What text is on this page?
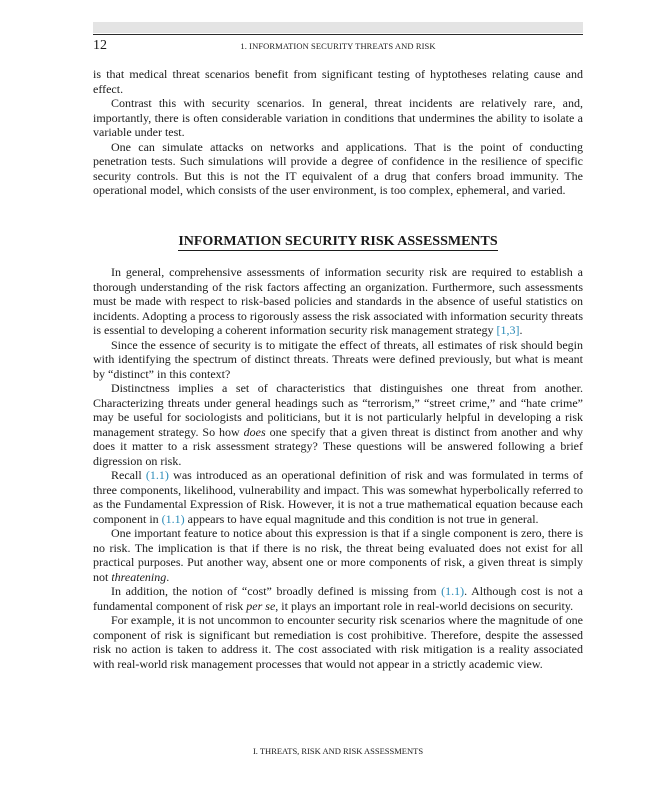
12	1. INFORMATION SECURITY THREATS AND RISK

is that medical threat scenarios benefit from significant testing of hyptotheses relating cause and effect.

Contrast this with security scenarios. In general, threat incidents are relatively rare, and, importantly, there is often considerable variation in conditions that undermines the ability to isolate a variable under test.

One can simulate attacks on networks and applications. That is the point of conducting penetration tests. Such simulations will provide a degree of confidence in the resilience of specific security controls. But this is not the IT equivalent of a drug that confers broad immunity. The operational model, which consists of the user environment, is too complex, ephemeral, and varied.

INFORMATION SECURITY RISK ASSESSMENTS

In general, comprehensive assessments of information security risk are required to establish a thorough understanding of the risk factors affecting an organization. Furthermore, such assessments must be made with respect to risk-based policies and standards in the absence of useful statistics on incidents. Adopting a process to rigorously assess the risk associated with information security threats is essential to developing a coherent information security risk management strategy [1,3].

Since the essence of security is to mitigate the effect of threats, all estimates of risk should begin with identifying the spectrum of distinct threats. Threats were defined previously, but what is meant by “distinct” in this context?

Distinctness implies a set of characteristics that distinguishes one threat from another. Characterizing threats under general headings such as “terrorism,” “street crime,” and “hate crime” may be useful for sociologists and politicians, but it is not particularly helpful in developing a risk management strategy. So how does one specify that a given threat is distinct from another and why does it matter to a risk assessment strategy? These questions will be answered following a brief digression on risk.

Recall (1.1) was introduced as an operational definition of risk and was formulated in terms of three components, likelihood, vulnerability and impact. This was somewhat hyperbolically referred to as the Fundamental Expression of Risk. However, it is not a true mathematical equation because each component in (1.1) appears to have equal magnitude and this condition is not true in general.

One important feature to notice about this expression is that if a single component is zero, there is no risk. The implication is that if there is no risk, the threat being evaluated does not exist for all practical purposes. Put another way, absent one or more components of risk, a given threat is simply not threatening.

In addition, the notion of “cost” broadly defined is missing from (1.1). Although cost is not a fundamental component of risk per se, it plays an important role in real-world decisions on security.

For example, it is not uncommon to encounter security risk scenarios where the magnitude of one component of risk is significant but remediation is cost prohibitive. Therefore, despite the assessed risk no action is taken to address it. The cost associated with risk mitigation is a reality associated with real-world risk management processes that would not appear in a strictly academic view.

I. THREATS, RISK AND RISK ASSESSMENTS
